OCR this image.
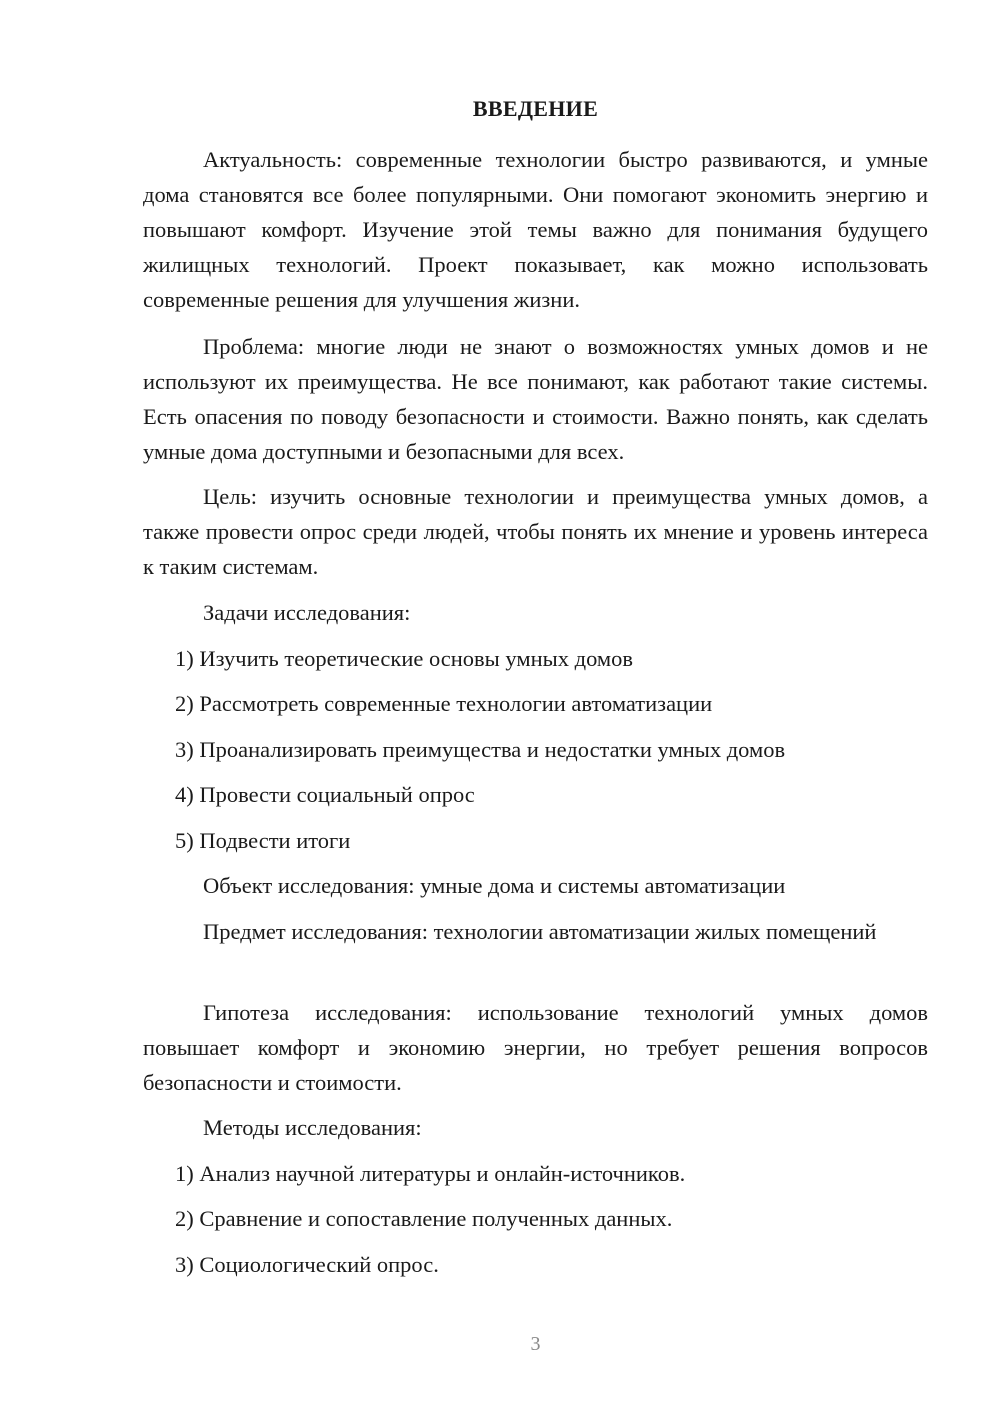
ВВЕДЕНИЕ

Актуальность: современные технологии быстро развиваются, и умные дома становятся все более популярными. Они помогают экономить энергию и повышают комфорт. Изучение этой темы важно для понимания будущего жилищных технологий. Проект показывает, как можно использовать современные решения для улучшения жизни.

Проблема: многие люди не знают о возможностях умных домов и не используют их преимущества. Не все понимают, как работают такие системы. Есть опасения по поводу безопасности и стоимости. Важно понять, как сделать умные дома доступными и безопасными для всех.

Цель: изучить основные технологии и преимущества умных домов, а также провести опрос среди людей, чтобы понять их мнение и уровень интереса к таким системам.

Задачи исследования:

1) Изучить теоретические основы умных домов

2) Рассмотреть современные технологии автоматизации

3) Проанализировать преимущества и недостатки умных домов

4) Провести социальный опрос

5) Подвести итоги

Объект исследования: умные дома и системы автоматизации

Предмет исследования: технологии автоматизации жилых помещений

Гипотеза исследования: использование технологий умных домов повышает комфорт и экономию энергии, но требует решения вопросов безопасности и стоимости.

Методы исследования:

1) Анализ научной литературы и онлайн-источников.

2) Сравнение и сопоставление полученных данных.

3) Социологический опрос.

3
